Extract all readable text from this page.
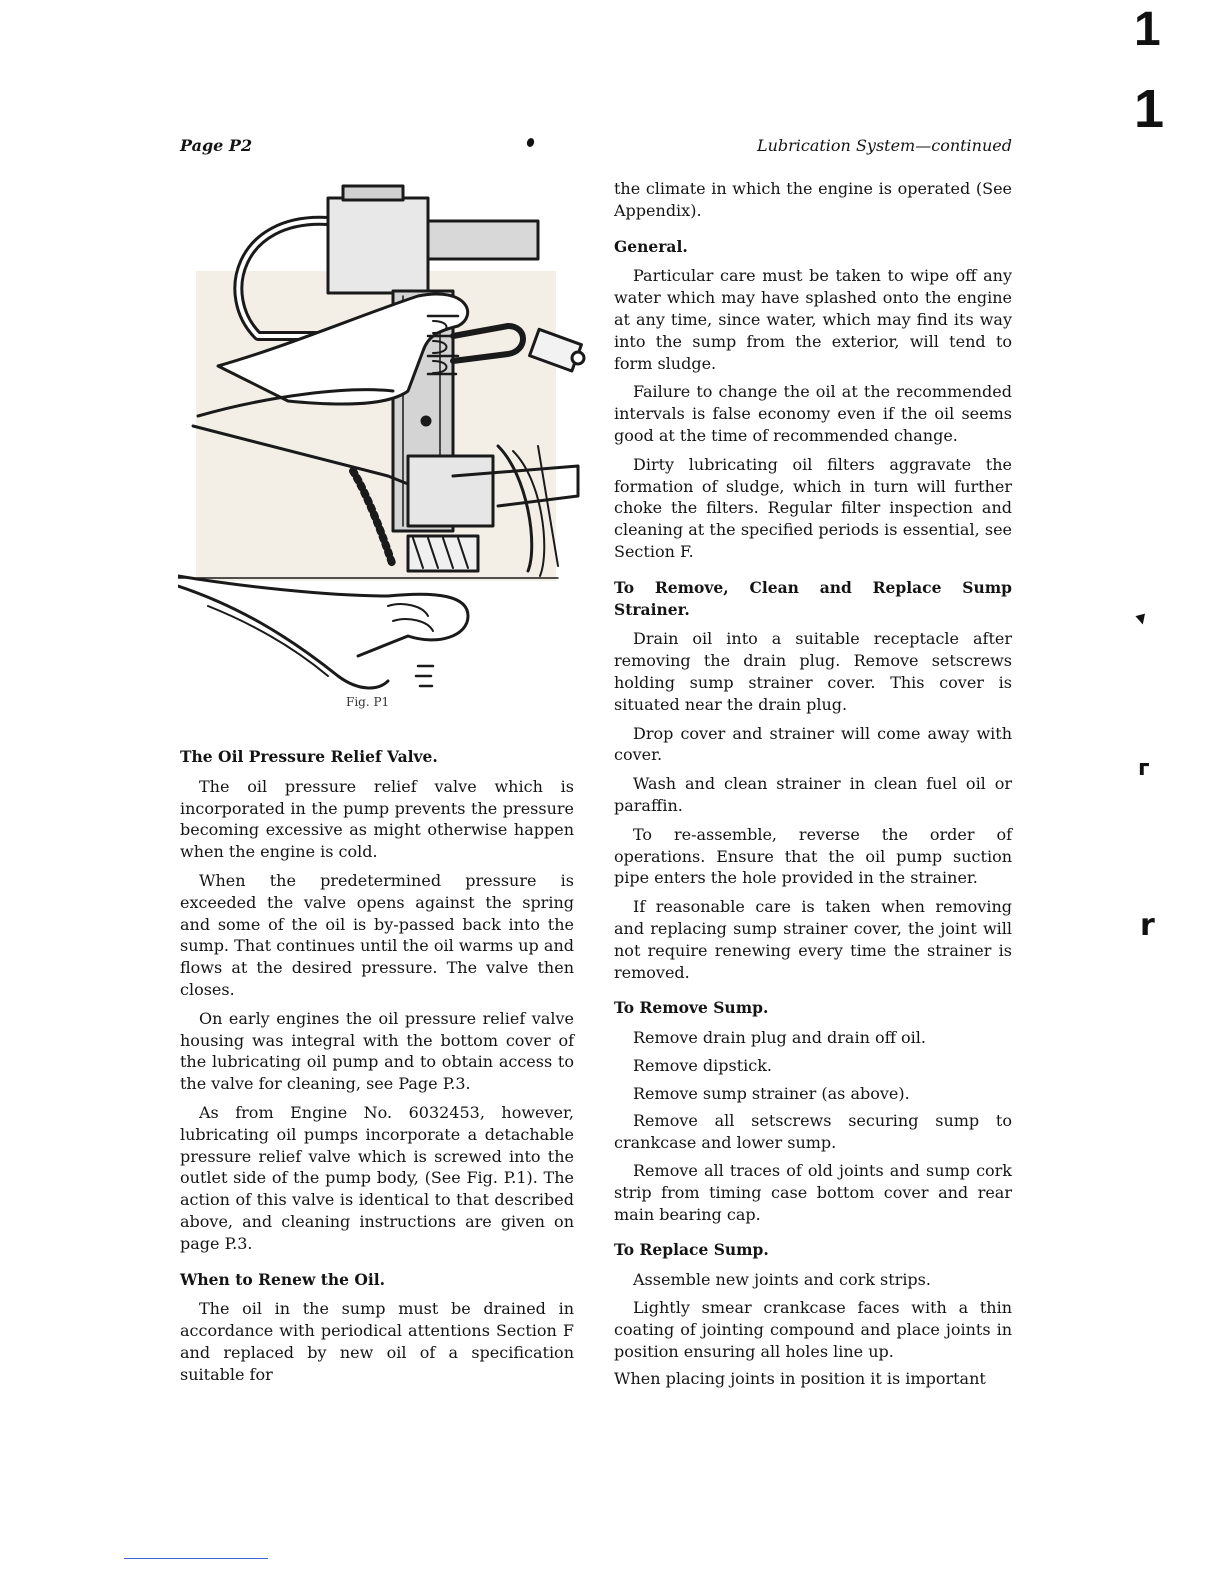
Page P2	Lubrication System—continued
1
1
▾
ᴦ
r
Fig. P1
The Oil Pressure Relief Valve.

The oil pressure relief valve which is incorporated in the pump prevents the pressure becoming excessive as might otherwise happen when the engine is cold.

When the predetermined pressure is exceeded the valve opens against the spring and some of the oil is by-passed back into the sump. That continues until the oil warms up and flows at the desired pressure. The valve then closes.

On early engines the oil pressure relief valve housing was integral with the bottom cover of the lubricating oil pump and to obtain access to the valve for cleaning, see Page P.3.

As from Engine No. 6032453, however, lubricating oil pumps incorporate a detachable pressure relief valve which is screwed into the outlet side of the pump body, (See Fig. P.1). The action of this valve is identical to that described above, and cleaning instructions are given on page P.3.

When to Renew the Oil.

The oil in the sump must be drained in accordance with periodical attentions Section F and replaced by new oil of a specification suitable for

the climate in which the engine is operated (See Appendix).

General.

Particular care must be taken to wipe off any water which may have splashed onto the engine at any time, since water, which may find its way into the sump from the exterior, will tend to form sludge.

Failure to change the oil at the recommended intervals is false economy even if the oil seems good at the time of recommended change.

Dirty lubricating oil filters aggravate the formation of sludge, which in turn will further choke the filters. Regular filter inspection and cleaning at the specified periods is essential, see Section F.

To Remove, Clean and Replace Sump Strainer.

Drain oil into a suitable receptacle after removing the drain plug. Remove setscrews holding sump strainer cover. This cover is situated near the drain plug.

Drop cover and strainer will come away with cover.

Wash and clean strainer in clean fuel oil or paraffin.

To re-assemble, reverse the order of operations. Ensure that the oil pump suction pipe enters the hole provided in the strainer.

If reasonable care is taken when removing and replacing sump strainer cover, the joint will not require renewing every time the strainer is removed.

To Remove Sump.

Remove drain plug and drain off oil.

Remove dipstick.

Remove sump strainer (as above).

Remove all setscrews securing sump to crankcase and lower sump.

Remove all traces of old joints and sump cork strip from timing case bottom cover and rear main bearing cap.

To Replace Sump.

Assemble new joints and cork strips.

Lightly smear crankcase faces with a thin coating of jointing compound and place joints in position ensuring all holes line up.

When placing joints in position it is important
